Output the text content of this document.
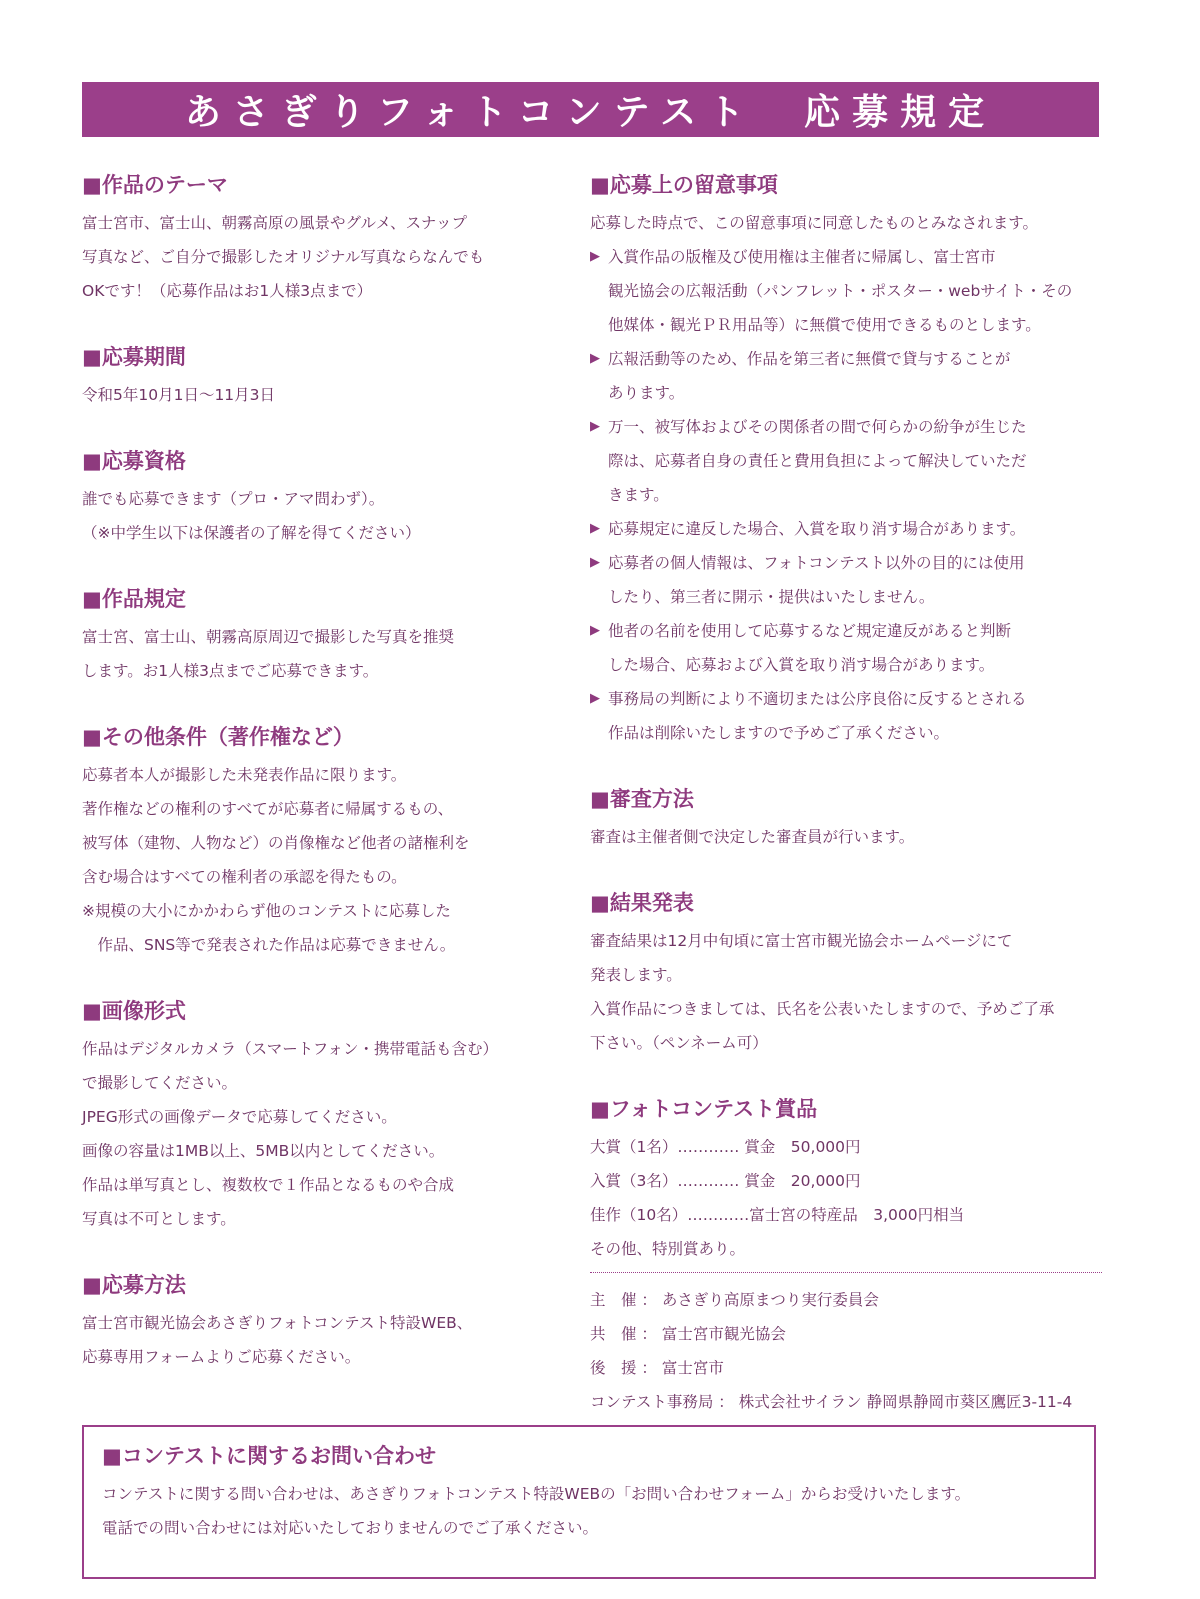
あさぎりフォトコンテスト　応募規定

■作品のテーマ

富士宮市、富士山、朝霧高原の風景やグルメ、スナップ

写真など、ご自分で撮影したオリジナル写真ならなんでも

OKです！（応募作品はお1人様3点まで）

■応募期間

令和5年10月1日〜11月3日

■応募資格

誰でも応募できます（プロ・アマ問わず）。

（※中学生以下は保護者の了解を得てください）

■作品規定

富士宮、富士山、朝霧高原周辺で撮影した写真を推奨

します。お1人様3点までご応募できます。

■その他条件（著作権など）

応募者本人が撮影した未発表作品に限ります。

著作権などの権利のすべてが応募者に帰属するもの、

被写体（建物、人物など）の肖像権など他者の諸権利を

含む場合はすべての権利者の承認を得たもの。

※規模の大小にかかわらず他のコンテストに応募した

　作品、SNS等で発表された作品は応募できません。

■画像形式

作品はデジタルカメラ（スマートフォン・携帯電話も含む）

で撮影してください。

JPEG形式の画像データで応募してください。

画像の容量は1MB以上、5MB以内としてください。

作品は単写真とし、複数枚で１作品となるものや合成

写真は不可とします。

■応募方法

富士宮市観光協会あさぎりフォトコンテスト特設WEB、

応募専用フォームよりご応募ください。

■応募上の留意事項

応募した時点で、この留意事項に同意したものとみなされます。

▶ 入賞作品の版権及び使用権は主催者に帰属し、富士宮市

観光協会の広報活動（パンフレット・ポスター・webサイト・その

他媒体・観光ＰＲ用品等）に無償で使用できるものとします。

▶ 広報活動等のため、作品を第三者に無償で貸与することが

あります。

▶ 万一、被写体およびその関係者の間で何らかの紛争が生じた

際は、応募者自身の責任と費用負担によって解決していただ

きます。

▶ 応募規定に違反した場合、入賞を取り消す場合があります。

▶ 応募者の個人情報は、フォトコンテスト以外の目的には使用

したり、第三者に開示・提供はいたしません。

▶ 他者の名前を使用して応募するなど規定違反があると判断

した場合、応募および入賞を取り消す場合があります。

▶ 事務局の判断により不適切または公序良俗に反するとされる

作品は削除いたしますので予めご了承ください。

■審査方法

審査は主催者側で決定した審査員が行います。

■結果発表

審査結果は12月中旬頃に富士宮市観光協会ホームページにて

発表します。

入賞作品につきましては、氏名を公表いたしますので、予めご了承

下さい。（ペンネーム可）

■フォトコンテスト賞品

大賞（1名）………… 賞金　50,000円
入賞（3名）………… 賞金　20,000円
佳作（10名）…………富士宮の特産品　3,000円相当
その他、特別賞あり。
主　催 ： あさぎり高原まつり実行委員会
共　催 ： 富士宮市観光協会
後　援 ： 富士宮市
コンテスト事務局 ： 株式会社サイラン 静岡県静岡市葵区鷹匠3-11-4

■コンテストに関するお問い合わせ

コンテストに関する問い合わせは、あさぎりフォトコンテスト特設WEBの「お問い合わせフォーム」からお受けいたします。

電話での問い合わせには対応いたしておりませんのでご了承ください。
